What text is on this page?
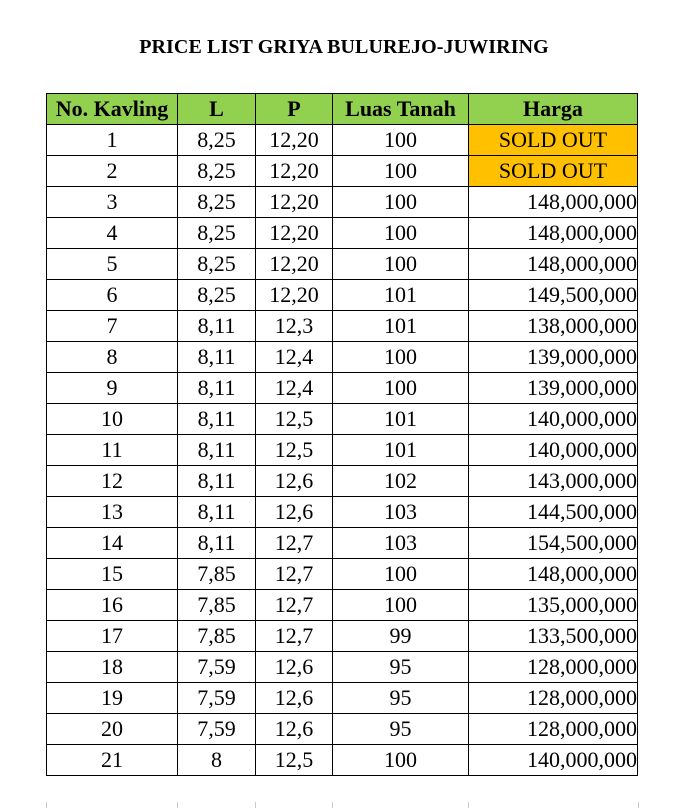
PRICE LIST GRIYA BULUREJO-JUWIRING
No. Kavling	L	P	Luas Tanah	Harga
1	8,25	12,20	100	SOLD OUT
2	8,25	12,20	100	SOLD OUT
3	8,25	12,20	100	148,000,000
4	8,25	12,20	100	148,000,000
5	8,25	12,20	100	148,000,000
6	8,25	12,20	101	149,500,000
7	8,11	12,3	101	138,000,000
8	8,11	12,4	100	139,000,000
9	8,11	12,4	100	139,000,000
10	8,11	12,5	101	140,000,000
11	8,11	12,5	101	140,000,000
12	8,11	12,6	102	143,000,000
13	8,11	12,6	103	144,500,000
14	8,11	12,7	103	154,500,000
15	7,85	12,7	100	148,000,000
16	7,85	12,7	100	135,000,000
17	7,85	12,7	99	133,500,000
18	7,59	12,6	95	128,000,000
19	7,59	12,6	95	128,000,000
20	7,59	12,6	95	128,000,000
21	8	12,5	100	140,000,000
